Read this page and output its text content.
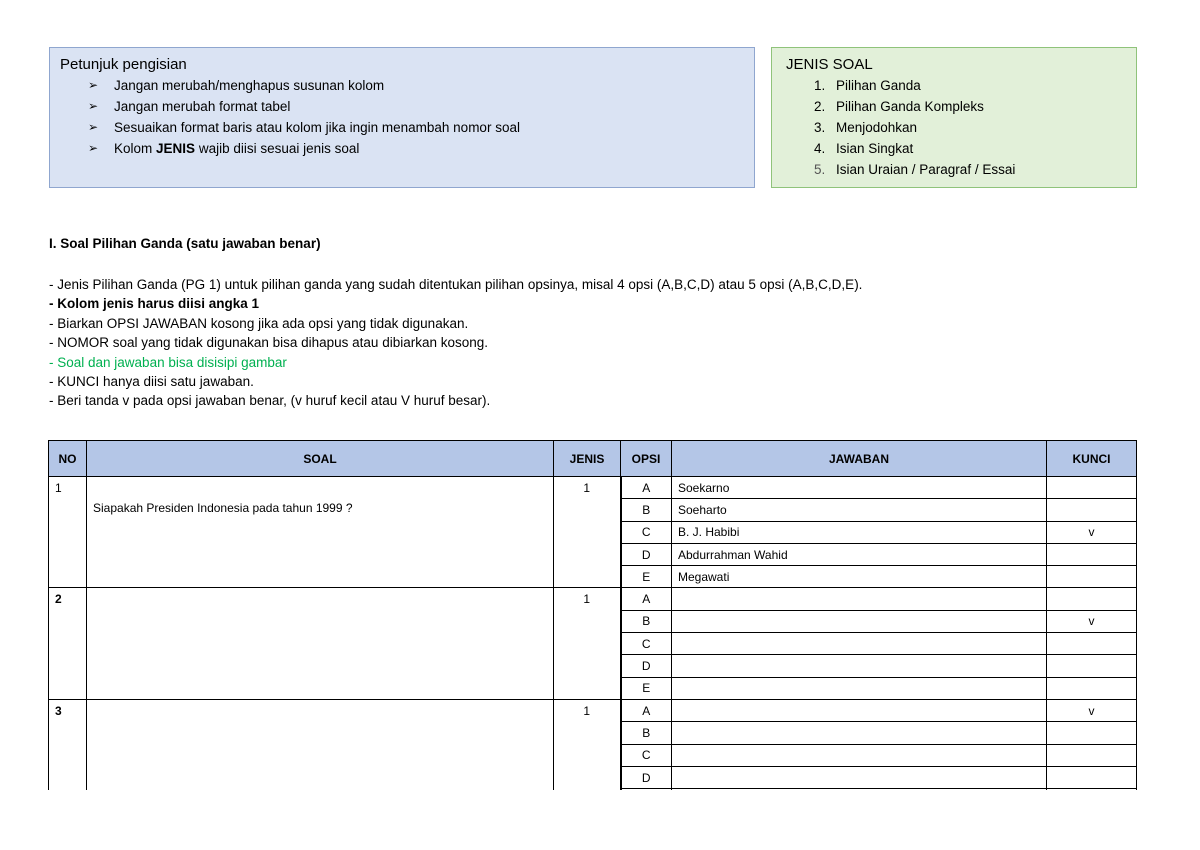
Petunjuk pengisian
➢	Jangan merubah/menghapus susunan kolom
➢	Jangan merubah format tabel
➢	Sesuaikan format baris atau kolom jika ingin menambah nomor soal
➢	Kolom JENIS wajib diisi sesuai jenis soal
JENIS SOAL
1. Pilihan Ganda
2. Pilihan Ganda Kompleks
3. Menjodohkan
4. Isian Singkat
5. Isian Uraian / Paragraf / Essai
I. Soal Pilihan Ganda (satu jawaban benar)
- Jenis Pilihan Ganda (PG 1) untuk pilihan ganda yang sudah ditentukan pilihan opsinya, misal 4 opsi (A,B,C,D) atau 5 opsi (A,B,C,D,E).
- Kolom jenis harus diisi angka 1
- Biarkan OPSI JAWABAN kosong jika ada opsi yang tidak digunakan.
- NOMOR soal yang tidak digunakan bisa dihapus atau dibiarkan kosong.
- Soal dan jawaban bisa disisipi gambar
- KUNCI hanya diisi satu jawaban.
- Beri tanda v pada opsi jawaban benar, (v huruf kecil atau V huruf besar).
NO	SOAL	JENIS	OPSI	JAWABAN	KUNCI
1	Siapakah Presiden Indonesia pada tahun 1999 ?	1	A	Soekarno	
			B	Soeharto	
			C	B. J. Habibi	v
			D	Abdurrahman Wahid	
			E	Megawati	
2		1	A		
			B		v
			C		
			D		
			E		
3		1	A		v
			B		
			C		
			D		
